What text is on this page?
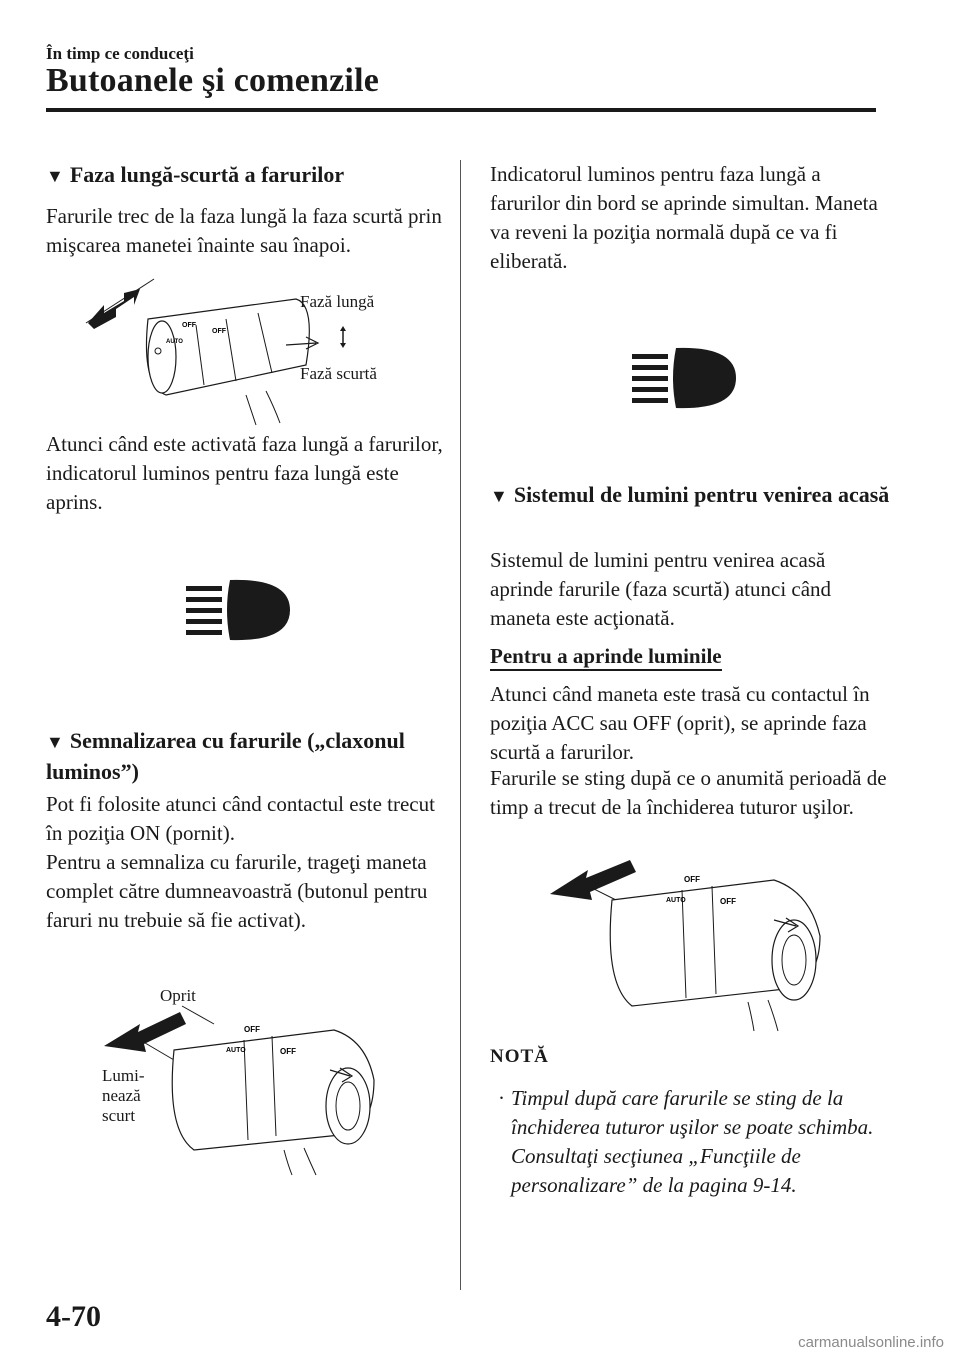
În timp ce conduceţi
Butoanele şi comenzile
▼ Faza lungă-scurtă a farurilor
Farurile trec de la faza lungă la faza scurtă prin mişcarea manetei înainte sau înapoi.
OFF
AUTO
OFF
Fază lungă
Fază scurtă
Atunci când este activată faza lungă a farurilor, indicatorul luminos pentru faza lungă este aprins.
▼ Semnalizarea cu farurile („claxonul luminos”)
Pot fi folosite atunci când contactul este trecut în poziţia ON (pornit).
Pentru a semnaliza cu farurile, trageţi maneta complet către dumneavoastră (butonul pentru faruri nu trebuie să fie activat).
Oprit
Lumi- nează scurt
OFF
AUTO	OFF
Indicatorul luminos pentru faza lungă a farurilor din bord se aprinde simultan. Maneta va reveni la poziţia normală după ce va fi eliberată.
▼ Sistemul de lumini pentru venirea acasă
Sistemul de lumini pentru venirea acasă aprinde farurile (faza scurtă) atunci când maneta este acţionată.
Pentru a aprinde luminile
Atunci când maneta este trasă cu contactul în poziţia ACC sau OFF (oprit), se aprinde faza scurtă a farurilor.
Farurile se sting după ce o anumită perioadă de timp a trecut de la închiderea tuturor uşilor.
OFF
AUTO	OFF
NOTĂ
· Timpul după care farurile se sting de la închiderea tuturor uşilor se poate schimba.
Consultaţi secţiunea „Funcţiile de personalizare” de la pagina 9-14.
4-70
carmanualsonline.info
